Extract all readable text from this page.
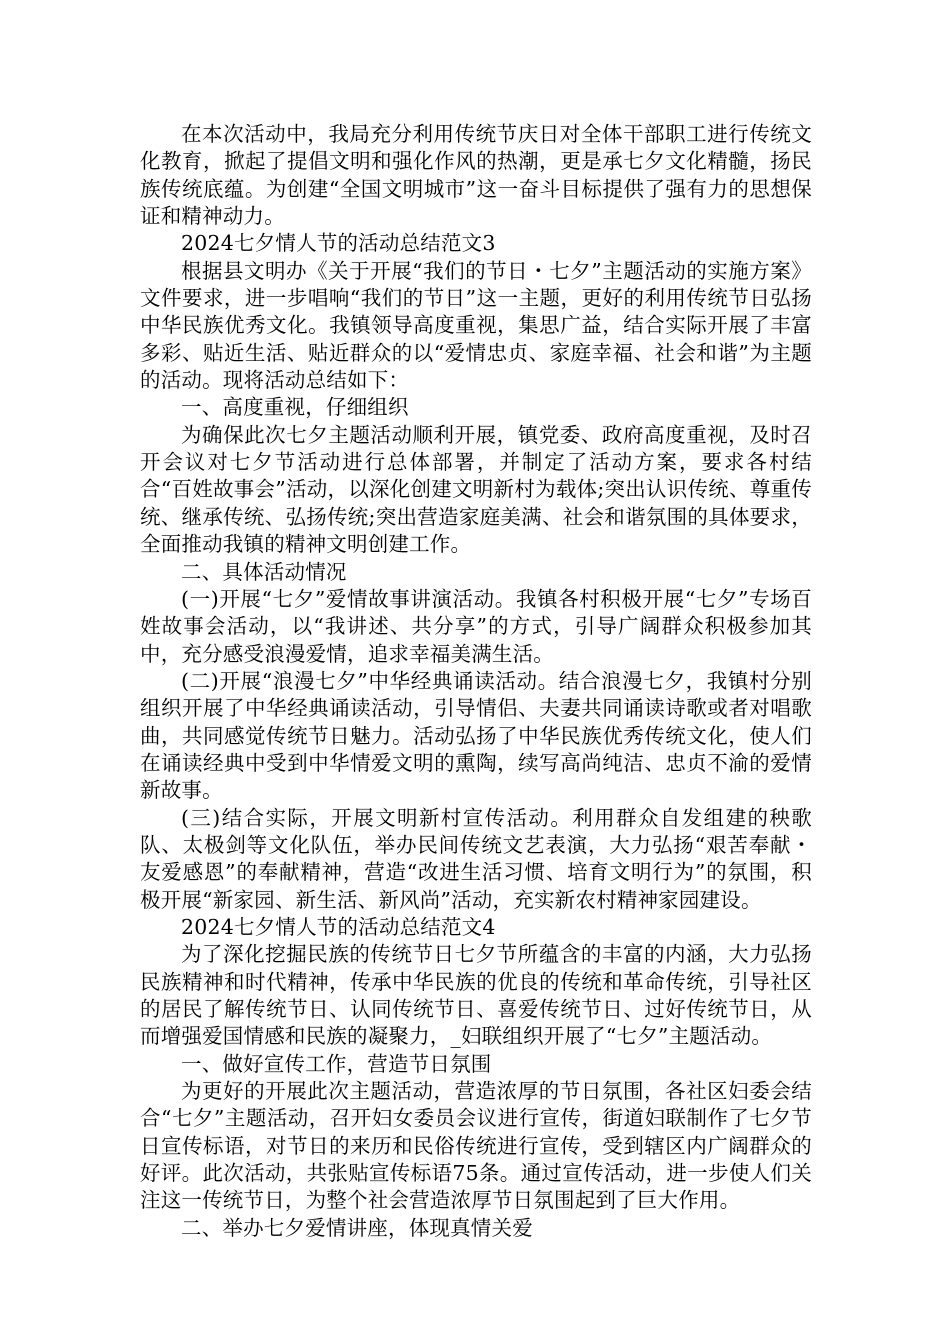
在本次活动中，我局充分利用传统节庆日对全体干部职工进行传统文化教育，掀起了提倡文明和强化作风的热潮，更是承七夕文化精髓，扬民族传统底蕴。为创建“全国文明城市”这一奋斗目标提供了强有力的思想保证和精神动力。

2024七夕情人节的活动总结范文3

根据县文明办《关于开展“我们的节日・七夕”主题活动的实施方案》文件要求，进一步唱响“我们的节日”这一主题，更好的利用传统节日弘扬中华民族优秀文化。我镇领导高度重视，集思广益，结合实际开展了丰富多彩、贴近生活、贴近群众的以“爱情忠贞、家庭幸福、社会和谐”为主题的活动。现将活动总结如下：

一、高度重视，仔细组织

为确保此次七夕主题活动顺利开展，镇党委、政府高度重视，及时召开会议对七夕节活动进行总体部署，并制定了活动方案，要求各村结合“百姓故事会”活动，以深化创建文明新村为载体;突出认识传统、尊重传统、继承传统、弘扬传统;突出营造家庭美满、社会和谐氛围的具体要求，全面推动我镇的精神文明创建工作。

二、具体活动情况

(一)开展“七夕”爱情故事讲演活动。我镇各村积极开展“七夕”专场百姓故事会活动，以“我讲述、共分享”的方式，引导广阔群众积极参加其中，充分感受浪漫爱情，追求幸福美满生活。

(二)开展“浪漫七夕”中华经典诵读活动。结合浪漫七夕，我镇村分别组织开展了中华经典诵读活动，引导情侣、夫妻共同诵读诗歌或者对唱歌曲，共同感觉传统节日魅力。活动弘扬了中华民族优秀传统文化，使人们在诵读经典中受到中华情爱文明的熏陶，续写高尚纯洁、忠贞不渝的爱情新故事。

(三)结合实际，开展文明新村宣传活动。利用群众自发组建的秧歌队、太极剑等文化队伍，举办民间传统文艺表演，大力弘扬“艰苦奉献・友爱感恩”的奉献精神，营造“改进生活习惯、培育文明行为”的氛围，积极开展“新家园、新生活、新风尚”活动，充实新农村精神家园建设。

2024七夕情人节的活动总结范文4

为了深化挖掘民族的传统节日七夕节所蕴含的丰富的内涵，大力弘扬民族精神和时代精神，传承中华民族的优良的传统和革命传统，引导社区的居民了解传统节日、认同传统节日、喜爱传统节日、过好传统节日，从而增强爱国情感和民族的凝聚力，_妇联组织开展了“七夕”主题活动。

一、做好宣传工作，营造节日氛围

为更好的开展此次主题活动，营造浓厚的节日氛围，各社区妇委会结合“七夕”主题活动，召开妇女委员会议进行宣传，街道妇联制作了七夕节日宣传标语，对节日的来历和民俗传统进行宣传，受到辖区内广阔群众的好评。此次活动，共张贴宣传标语75条。通过宣传活动，进一步使人们关注这一传统节日，为整个社会营造浓厚节日氛围起到了巨大作用。

二、举办七夕爱情讲座，体现真情关爱
